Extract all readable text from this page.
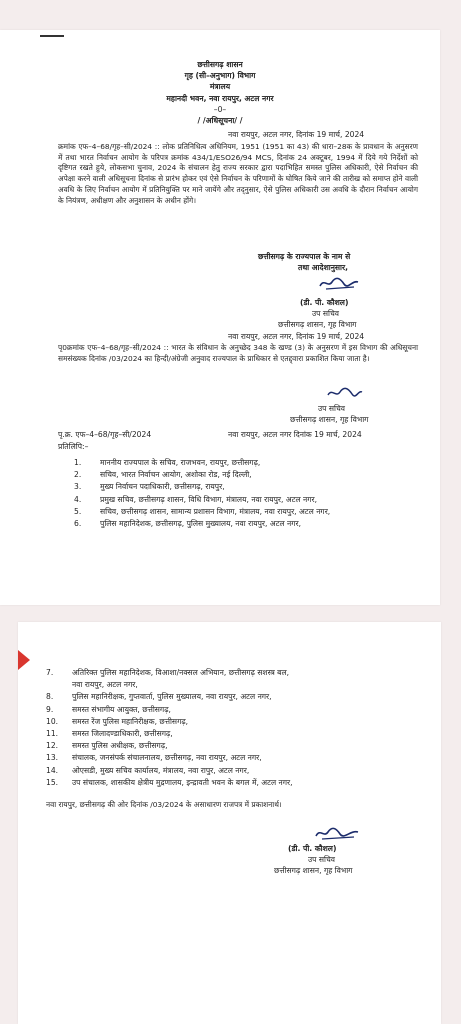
छत्तीसगढ़ शासन
गृह (सी–अनुभाग) विभाग
मंत्रालय
महानदी भवन, नवा रायपुर, अटल नगर
–0–
/ /अधिसूचना/ /
नवा रायपुर, अटल नगर, दिनांक 19 मार्च, 2024
क्रमांक एफ–4–68/गृह–सी/2024 :: लोक प्रतिनिधित्व अधिनियम, 1951 (1951 का 43) की धारा–28क के प्रावधान के अनुसरण में तथा भारत निर्वाचन आयोग के परिपत्र क्रमांक 434/1/ESO26/94 MCS, दिनांक 24 अक्टूबर, 1994 में दिये गये निर्देशों को दृष्टिगत रखते हुये, लोकसभा चुनाव, 2024 के संचालन हेतु राज्य सरकार द्वारा पदाभिहित समस्त पुलिस अधिकारी, ऐसे निर्वाचन की अपेक्षा करने वाली अधिसूचना दिनांक से प्रारंभ होकर एवं ऐसे निर्वाचन के परिणामों के घोषित किये जाने की तारीख को समाप्त होने वाली अवधि के लिए निर्वाचन आयोग में प्रतिनियुक्ति पर माने जायेंगे और तद्नुसार, ऐसे पुलिस अधिकारी उस अवधि के दौरान निर्वाचन आयोग के नियंत्रण, अधीक्षण और अनुशासन के अधीन होंगे।
छत्तीसगढ़ के राज्यपाल के नाम से
तथा आदेशानुसार,
(डी. पी. कौशल)
उप सचिव
छत्तीसगढ़ शासन, गृह विभाग
नवा रायपुर, अटल नगर, दिनांक 19 मार्च, 2024
पृ0क्रमांक एफ–4–68/गृह–सी/2024 :: भारत के संविधान के अनुच्छेद 348 के खण्ड (3) के अनुसरण में इस विभाग की अधिसूचना समसंख्यक दिनांक /03/2024 का हिन्दी/अंग्रेजी अनुवाद राज्यपाल के प्राधिकार से एतद्द्वारा प्रकाशित किया जाता है।
उप सचिव
छत्तीसगढ़ शासन, गृह विभाग
पृ.क्र. एफ–4–68/गृह–सी/2024	नवा रायपुर, अटल नगर दिनांक 19 मार्च, 2024
प्रतिलिपि:–
1. माननीय राज्यपाल के सचिव, राजभवन, रायपुर, छत्तीसगढ़,
2. सचिव, भारत निर्वाचन आयोग, अशोका रोड, नई दिल्ली,
3. मुख्य निर्वाचन पदाधिकारी, छत्तीसगढ़, रायपुर,
4. प्रमुख सचिव, छत्तीसगढ़ शासन, विधि विभाग, मंत्रालय, नवा रायपुर, अटल नगर,
5. सचिव, छत्तीसगढ़ शासन, सामान्य प्रशासन विभाग, मंत्रालय, नवा रायपुर, अटल नगर,
6. पुलिस महानिदेशक, छत्तीसगढ़, पुलिस मुख्यालय, नवा रायपुर, अटल नगर,
7. अतिरिक्त पुलिस महानिदेशक, विआशा/नक्सल अभियान, छत्तीसगढ़ सशस्त्र बल,
नवा रायपुर, अटल नगर,
8. पुलिस महानिरीक्षक, गुप्तवार्ता, पुलिस मुख्यालय, नवा रायपुर, अटल नगर,
9. समस्त संभागीय आयुक्त, छत्तीसगढ़,
10. समस्त रेंज पुलिस महानिरीक्षक, छत्तीसगढ़,
11. समस्त जिलादण्डाधिकारी, छत्तीसगढ़,
12. समस्त पुलिस अधीक्षक, छत्तीसगढ़,
13. संचालक, जनसंपर्क संचालनालय, छत्तीसगढ़, नवा रायपुर, अटल नगर,
14. ओएसडी, मुख्य सचिव कार्यालय, मंत्रालय, नवा रापुर, अटल नगर,
15. उप संचालक, शासकीय क्षेत्रीय मुद्रणालय, इन्द्रावती भवन के बगल में, अटल नगर,
नवा रायपुर, छत्तीसगढ़ की ओर दिनांक /03/2024 के असाधारण राजपत्र में प्रकाशनार्थ।
(डी. पी. कौशल)
उप सचिव
छत्तीसगढ़ शासन, गृह विभाग
